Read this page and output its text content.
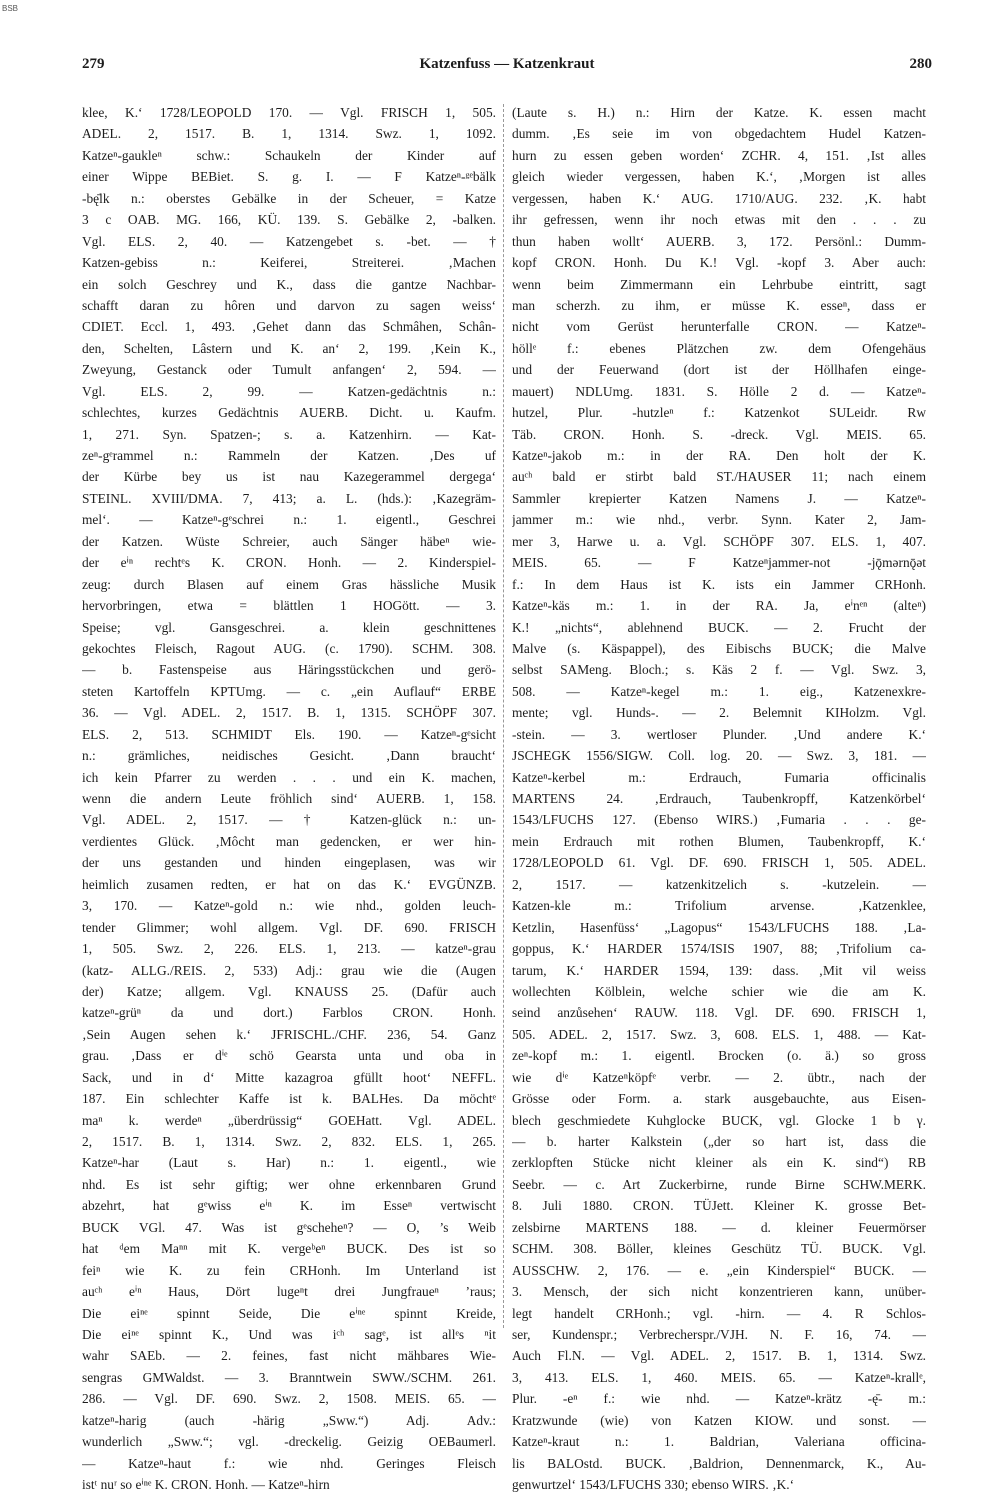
BSB
279	Katzenfuss — Katzenkraut	280
klee, K.‘ 1728/LEOPOLD 170. — Vgl. FRISCH 1, 505.
ADEL. 2, 1517. B. 1, 1314. Swz. 1, 1092.
Katzeⁿ-gaukleⁿ schw.: Schaukeln der Kinder auf
einer Wippe BEBiet. S. g. I. — F Katzeⁿ-ᵍᵉbälk
-bę̄lk n.: oberstes Gebälke in der Scheuer, = Katze
3 c OAB. MG. 166, KÜ. 139. S. Gebälke 2, -balken.
Vgl. ELS. 2, 40. — Katzengebet s. -bet. — †
Katzen-gebiss n.: Keiferei, Streiterei. ‚Machen
ein solch Geschrey und K., dass die gantze Nachbar-
schafft daran zu hôren und darvon zu sagen weiss‘
CDIET. Eccl. 1, 493. ‚Gehet dann das Schmâhen, Schân-
den, Schelten, Lâstern und K. an‘ 2, 199. ‚Kein K.,
Zweyung, Gestanck oder Tumult anfangen‘ 2, 594. —
Vgl. ELS. 2, 99. — Katzen-gedächtnis n.:
schlechtes, kurzes Gedächtnis AUERB. Dicht. u. Kaufm.
1, 271. Syn. Spatzen-; s. a. Katzenhirn. — Kat-
zeⁿ-gᵉrammel n.: Rammeln der Katzen. ‚Des uf
der Kürbe bey us ist nau Kazegerammel dergega‘
STEINL. XVIII/DMA. 7, 413; a. L. (hds.): ‚Kazegräm-
mel‘. — Katzeⁿ-gᵉschrei n.: 1. eigentl., Geschrei
der Katzen. Wüste Schreier, auch Sänger häbeⁿ wie-
der eⁱⁿ rechtᵉs K. CRON. Honh. — 2. Kinderspiel-
zeug: durch Blasen auf einem Gras hässliche Musik
hervorbringen, etwa = blättlen 1 HOGött. — 3.
Speise; vgl. Gansgeschrei. a. klein geschnittenes
gekochtes Fleisch, Ragout AUG. (c. 1790). SCHM. 308.
— b. Fastenspeise aus Häringsstückchen und gerö-
steten Kartoffeln KPTUmg. — c. „ein Auflauf“ ERBE
36. — Vgl. ADEL. 2, 1517. B. 1, 1315. SCHÖPF 307.
ELS. 2, 513. SCHMIDT Els. 190. — Katzeⁿ-gᵉsicht
n.: grämliches, neidisches Gesicht. ‚Dann braucht‘
ich kein Pfarrer zu werden . . . und ein K. machen,
wenn die andern Leute fröhlich sind‘ AUERB. 1, 158.
Vgl. ADEL. 2, 1517. — † Katzen-glück n.: un-
verdientes Glück. ‚Môcht man gedencken, er wer hin-
der uns gestanden und hinden eingeplasen, was wir
heimlich zusamen redten, er hat on das K.‘ EVGÜNZB.
3, 170. — Katzeⁿ-gold n.: wie nhd., golden leuch-
tender Glimmer; wohl allgem. Vgl. DF. 690. FRISCH
1, 505. Swz. 2, 226. ELS. 1, 213. — katzeⁿ-grau
(katz- ALLG./REIS. 2, 533) Adj.: grau wie die (Augen
der) Katze; allgem. Vgl. KNAUSS 25. (Dafür auch
katzeⁿ-grüⁿ da und dort.) Farblos CRON. Honh.
‚Sein Augen sehen k.‘ JFRISCHL./CHF. 236, 54. Ganz
grau. ‚Dass er dⁱᵉ schö Gearsta unta und oba in
Sack, und in d‘ Mitte kazagroa gfüllt hoot‘ NEFFL.
187. Ein schlechter Kaffe ist k. BALHes. Da möchtᵉ
maⁿ k. werdeⁿ „überdrüssig“ GOEHatt. Vgl. ADEL.
2, 1517. B. 1, 1314. Swz. 2, 832. ELS. 1, 265.
Katzeⁿ-har (Laut s. Har) n.: 1. eigentl., wie
nhd. Es ist sehr giftig; wer ohne erkennbaren Grund
abzehrt, hat gᵉwiss eⁱⁿ K. im Esseⁿ vertwischt
BUCK VGl. 47. Was ist gᵉscheheⁿ? — O, ’s Weib
hat ᵈem Maⁿⁿ mit K. vergeᵇeⁿ BUCK. Des ist so
feiⁿ wie K. zu fein CRHonh. Im Unterland ist
auᶜʰ eⁱⁿ Haus, Dört lugeⁿt drei Jungfraueⁿ ’raus;
Die eiⁿᵉ spinnt Seide, Die eⁱⁿᵉ spinnt Kreide,
Die eiⁿᵉ spinnt K., Und was iᶜʰ sagᵉ, ist allᵉs ⁿit
wahr SAEb. — 2. feines, fast nicht mähbares Wie-
sengras GMWaldst. — 3. Branntwein SWW./SCHM. 261.
286. — Vgl. DF. 690. Swz. 2, 1508. MEIS. 65. —
katzeⁿ-harig (auch -härig „Sww.“) Adj. Adv.:
wunderlich „Sww.“; vgl. -dreckelig. Geizig OEBaumerl.
— Katzeⁿ-haut f.: wie nhd. Geringes Fleisch
istᵗ nuʳ so eⁱⁿᵉ K. CRON. Honh. — Katzeⁿ-hirn
(Laute s. H.) n.: Hirn der Katze. K. essen macht
dumm. ‚Es seie im von obgedachtem Hudel Katzen-
hurn zu essen geben worden‘ ZCHR. 4, 151. ‚Ist alles
gleich wieder vergessen, haben K.‘, ‚Morgen ist alles
vergessen, haben K.‘ AUG. 1710/AUG. 232. ‚K. habt
ihr gefressen, wenn ihr noch etwas mit den . . . zu
thun haben wollt‘ AUERB. 3, 172. Persönl.: Dumm-
kopf CRON. Honh. Du K.! Vgl. -kopf 3. Aber auch:
wenn beim Zimmermann ein Lehrbube eintritt, sagt
man scherzh. zu ihm, er müsse K. esseⁿ, dass er
nicht vom Gerüst herunterfalle CRON. — Katzeⁿ-
höllᵉ f.: ebenes Plätzchen zw. dem Ofengehäus
und der Feuerwand (dort ist der Höllhafen einge-
mauert) NDLUmg. 1831. S. Hölle 2 d. — Katzeⁿ-
hutzel, Plur. -hutzleⁿ f.: Katzenkot SULeidr. Rw
Täb. CRON. Honh. S. -dreck. Vgl. MEIS. 65.
Katzeⁿ-jakob m.: in der RA. Den holt der K.
auᶜʰ bald er stirbt bald ST./HAUSER 11; nach einem
Sammler krepierter Katzen Namens J. — Katzeⁿ-
jammer m.: wie nhd., verbr. Synn. Kater 2, Jam-
mer 3, Harwe u. a. Vgl. SCHÖPF 307. ELS. 1, 407.
MEIS. 65. — F Katzeⁿjammer-not -jǭmərnǭət
f.: In dem Haus ist K. ists ein Jammer CRHonh.
Katzeⁿ-käs m.: 1. in der RA. Ja, eⁱnᵉⁿ (alteⁿ)
K.! „nichts“, ablehnend BUCK. — 2. Frucht der
Malve (s. Käspappel), des Eibischs BUCK; die Malve
selbst SAMeng. Bloch.; s. Käs 2 f. — Vgl. Swz. 3,
508. — Katzeⁿ-kegel m.: 1. eig., Katzenexkre-
mente; vgl. Hunds-. — 2. Belemnit KIHolzm. Vgl.
-stein. — 3. wertloser Plunder. ‚Und andere K.‘
JSCHEGK 1556/SIGW. Coll. log. 20. — Swz. 3, 181. —
Katzeⁿ-kerbel m.: Erdrauch, Fumaria officinalis
MARTENS 24. ‚Erdrauch, Taubenkropff, Katzenkörbel‘
1543/LFUCHS 127. (Ebenso WIRS.) ‚Fumaria . . . ge-
mein Erdrauch mit rothen Blumen, Taubenkropff, K.‘
1728/LEOPOLD 61. Vgl. DF. 690. FRISCH 1, 505. ADEL.
2, 1517. — katzenkitzelich s. -kutzelein. —
Katzen-kle m.: Trifolium arvense. ‚Katzenklee,
Ketzlin, Hasenfüss‘ „Lagopus“ 1543/LFUCHS 188. ‚La-
goppus, K.‘ HARDER 1574/ISIS 1907, 88; ‚Trifolium ca-
tarum, K.‘ HARDER 1594, 139: dass. ‚Mit vil weiss
wollechten Kölblein, welche schier wie die am K.
seind anzůsehen‘ RAUW. 118. Vgl. DF. 690. FRISCH 1,
505. ADEL. 2, 1517. Swz. 3, 608. ELS. 1, 488. — Kat-
zeⁿ-kopf m.: 1. eigentl. Brocken (o. ä.) so gross
wie dⁱᵉ Katzeⁿköpfᵉ verbr. — 2. übtr., nach der
Grösse oder Form. a. stark ausgebauchte, aus Eisen-
blech geschmiedete Kuhglocke BUCK, vgl. Glocke 1 b γ.
— b. harter Kalkstein („der so hart ist, dass die
zerklopften Stücke nicht kleiner als ein K. sind“) RB
Seebr. — c. Art Zuckerbirne, runde Birne SCHW.MERK.
8. Juli 1880. CRON. TÜJett. Kleiner K. grosse Bet-
zelsbirne MARTENS 188. — d. kleiner Feuermörser
SCHM. 308. Böller, kleines Geschütz TÜ. BUCK. Vgl.
AUSSCHW. 2, 176. — e. „ein Kinderspiel“ BUCK. —
3. Mensch, der sich nicht konzentrieren kann, unüber-
legt handelt CRHonh.; vgl. -hirn. — 4. R Schlos-
ser, Kundenspr.; Verbrecherspr./VJH. N. F. 16, 74. —
Auch Fl.N. — Vgl. ADEL. 2, 1517. B. 1, 1314. Swz.
3, 413. ELS. 1, 460. MEIS. 65. — Katzeⁿ-krallᵉ,
Plur. -eⁿ f.: wie nhd. — Katzeⁿ-krätz -ę̄- m.:
Kratzwunde (wie) von Katzen KIOW. und sonst. —
Katzeⁿ-kraut n.: 1. Baldrian, Valeriana officina-
lis BALOstd. BUCK. ‚Baldrion, Dennenmarck, K., Au-
genwurtzel‘ 1543/LFUCHS 330; ebenso WIRS. ‚K.‘
